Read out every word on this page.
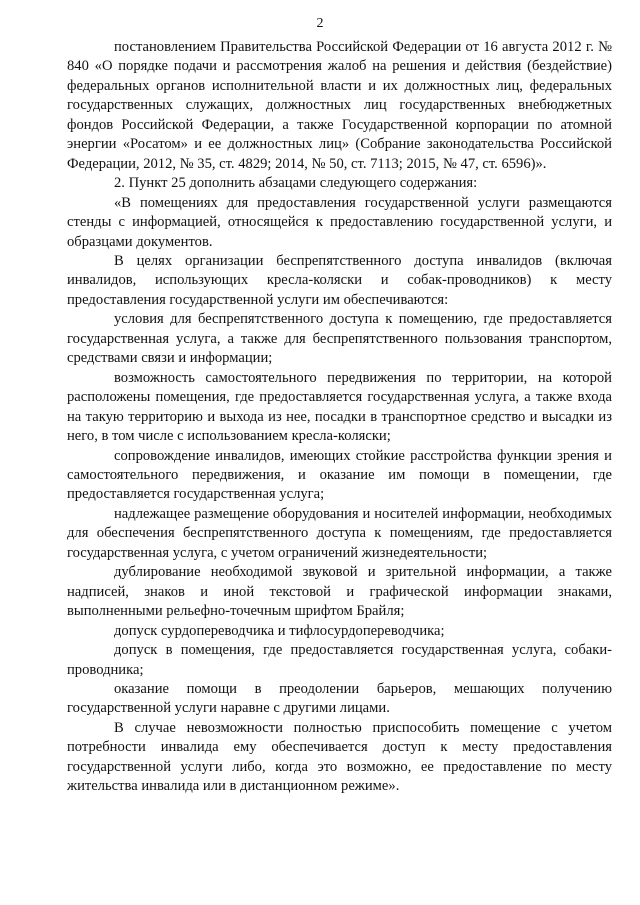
2

постановлением Правительства Российской Федерации от 16 августа 2012 г. № 840 «О порядке подачи и рассмотрения жалоб на решения и действия (бездействие) федеральных органов исполнительной власти и их должностных лиц, федеральных государственных служащих, должностных лиц государственных внебюджетных фондов Российской Федерации, а также Государственной корпорации по атомной энергии «Росатом» и ее должностных лиц» (Собрание законодательства Российской Федерации, 2012, № 35, ст. 4829; 2014, № 50, ст. 7113; 2015, № 47, ст. 6596)».

2. Пункт 25 дополнить абзацами следующего содержания:

«В помещениях для предоставления государственной услуги размещаются стенды с информацией, относящейся к предоставлению государственной услуги, и образцами документов.

В целях организации беспрепятственного доступа инвалидов (включая инвалидов, использующих кресла-коляски и собак-проводников) к месту предоставления государственной услуги им обеспечиваются:

условия для беспрепятственного доступа к помещению, где предоставляется государственная услуга, а также для беспрепятственного пользования транспортом, средствами связи и информации;

возможность самостоятельного передвижения по территории, на которой расположены помещения, где предоставляется государственная услуга, а также входа на такую территорию и выхода из нее, посадки в транспортное средство и высадки из него, в том числе с использованием кресла-коляски;

сопровождение инвалидов, имеющих стойкие расстройства функции зрения и самостоятельного передвижения, и оказание им помощи в помещении, где предоставляется государственная услуга;

надлежащее размещение оборудования и носителей информации, необходимых для обеспечения беспрепятственного доступа к помещениям, где предоставляется государственная услуга, с учетом ограничений жизнедеятельности;

дублирование необходимой звуковой и зрительной информации, а также надписей, знаков и иной текстовой и графической информации знаками, выполненными рельефно-точечным шрифтом Брайля;

допуск сурдопереводчика и тифлосурдопереводчика;

допуск в помещения, где предоставляется государственная услуга, собаки-проводника;

оказание помощи в преодолении барьеров, мешающих получению государственной услуги наравне с другими лицами.

В случае невозможности полностью приспособить помещение с учетом потребности инвалида ему обеспечивается доступ к месту предоставления государственной услуги либо, когда это возможно, ее предоставление по месту жительства инвалида или в дистанционном режиме».
